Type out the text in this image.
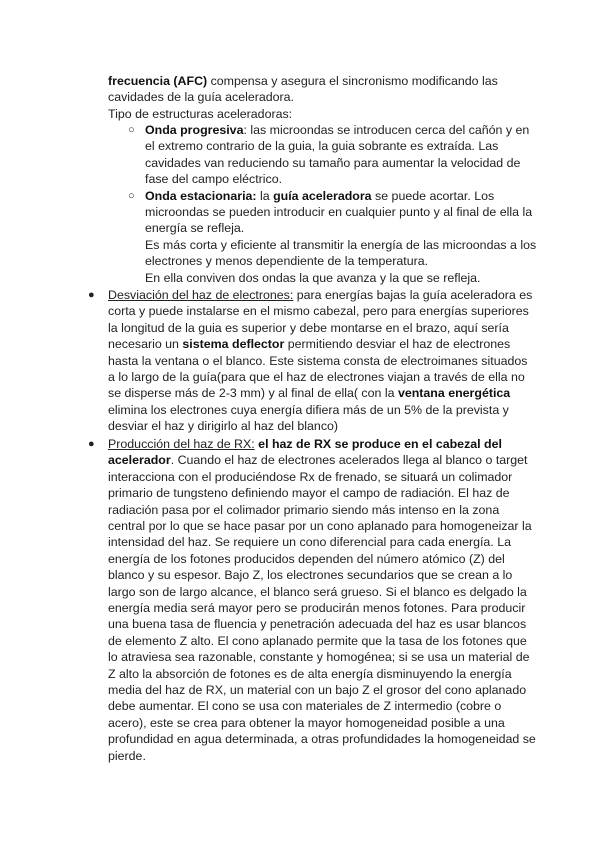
frecuencia (AFC) compensa y asegura el sincronismo modificando las
cavidades de la guía aceleradora.
Tipo de estructuras aceleradoras:
○ Onda progresiva: las microondas se introducen cerca del cañón y en
el extremo contrario de la guia, la guia sobrante es extraída. Las
cavidades van reduciendo su tamaño para aumentar la velocidad de
fase del campo eléctrico.
○ Onda estacionaria: la guía aceleradora se puede acortar. Los
microondas se pueden introducir en cualquier punto y al final de ella la
energía se refleja.
Es más corta y eficiente al transmitir la energía de las microondas a los
electrones y menos dependiente de la temperatura.
En ella conviven dos ondas la que avanza y la que se refleja.
● Desviación del haz de electrones: para energías bajas la guía aceleradora es
corta y puede instalarse en el mismo cabezal, pero para energías superiores
la longitud de la guia es superior y debe montarse en el brazo, aquí sería
necesario un sistema deflector permitiendo desviar el haz de electrones
hasta la ventana o el blanco. Este sistema consta de electroimanes situados
a lo largo de la guía(para que el haz de electrones viajan a través de ella no
se disperse más de 2-3 mm) y al final de ella( con la ventana energética
elimina los electrones cuya energía difiera más de un 5% de la prevista y
desviar el haz y dirigirlo al haz del blanco)
● Producción del haz de RX: el haz de RX se produce en el cabezal del
acelerador. Cuando el haz de electrones acelerados llega al blanco o target
interacciona con el produciéndose Rx de frenado, se situará un colimador
primario de tungsteno definiendo mayor el campo de radiación. El haz de
radiación pasa por el colimador primario siendo más intenso en la zona
central por lo que se hace pasar por un cono aplanado para homogeneizar la
intensidad del haz. Se requiere un cono diferencial para cada energía. La
energía de los fotones producidos dependen del número atómico (Z) del
blanco y su espesor. Bajo Z, los electrones secundarios que se crean a lo
largo son de largo alcance, el blanco será grueso. Si el blanco es delgado la
energía media será mayor pero se producirán menos fotones. Para producir
una buena tasa de fluencia y penetración adecuada del haz es usar blancos
de elemento Z alto. El cono aplanado permite que la tasa de los fotones que
lo atraviesa sea razonable, constante y homogénea; si se usa un material de
Z alto la absorción de fotones es de alta energía disminuyendo la energía
media del haz de RX, un material con un bajo Z el grosor del cono aplanado
debe aumentar. El cono se usa con materiales de Z intermedio (cobre o
acero), este se crea para obtener la mayor homogeneidad posible a una
profundidad en agua determinada, a otras profundidades la homogeneidad se
pierde.
